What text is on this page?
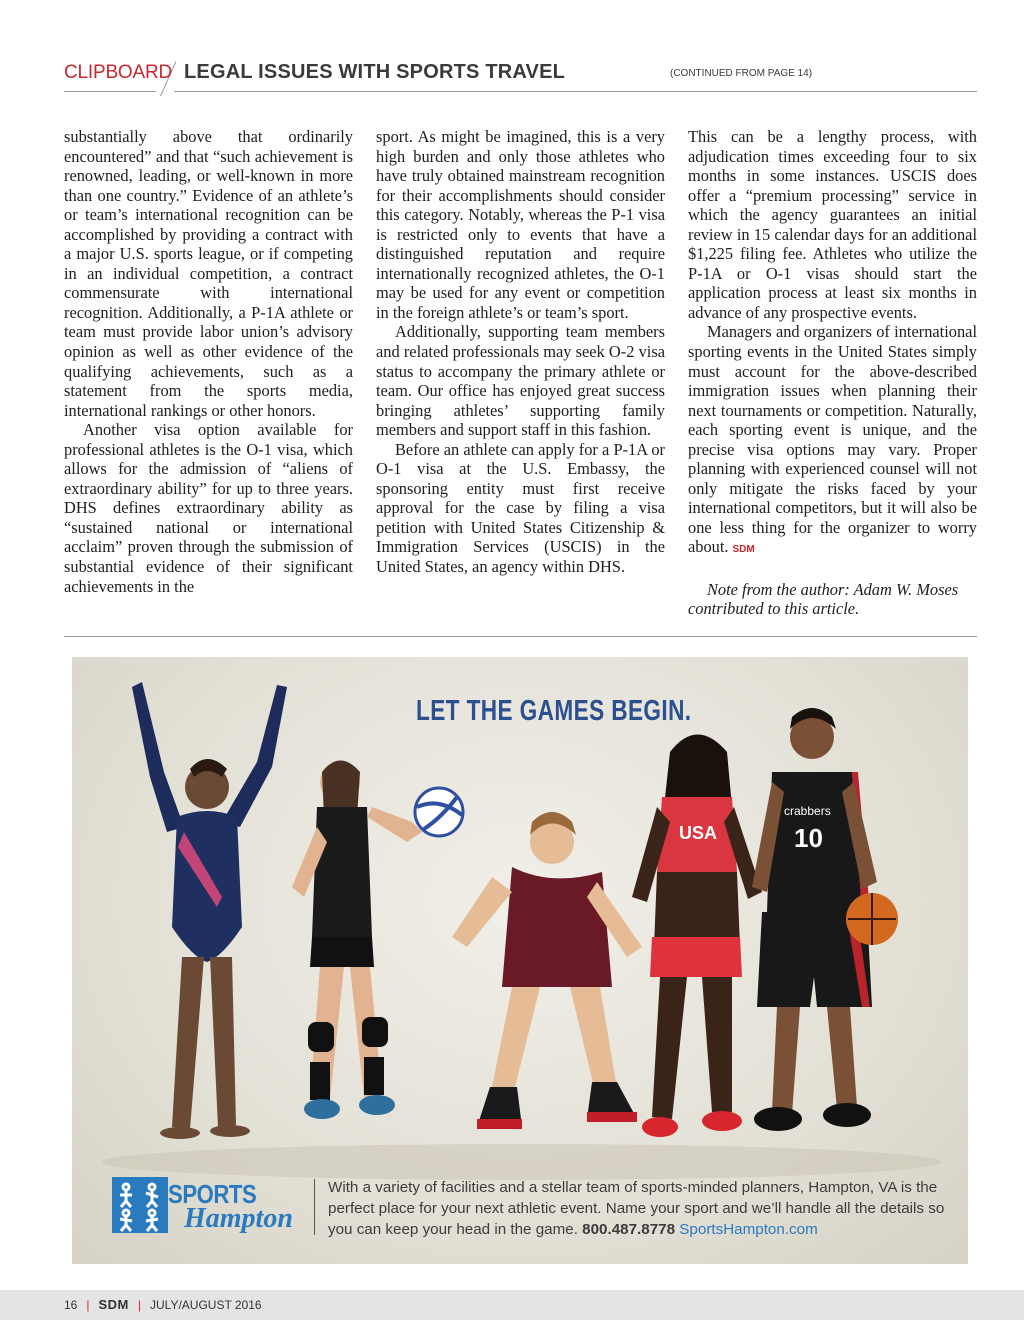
CLIPBOARD LEGAL ISSUES WITH SPORTS TRAVEL	(CONTINUED FROM PAGE 14)

substantially above that ordinarily encountered” and that “such achievement is renowned, leading, or well-known in more than one country.” Evidence of an athlete’s or team’s international recognition can be accomplished by providing a contract with a major U.S. sports league, or if competing in an individual competition, a contract commensurate with international recognition. Additionally, a P-1A athlete or team must provide labor union’s advisory opinion as well as other evidence of the qualifying achievements, such as a statement from the sports media, international rankings or other honors.

Another visa option available for professional athletes is the O-1 visa, which allows for the admission of “aliens of extraordinary ability” for up to three years. DHS defines extraordinary ability as “sustained national or international acclaim” proven through the submission of substantial evidence of their significant achievements in the

sport. As might be imagined, this is a very high burden and only those athletes who have truly obtained mainstream recognition for their accomplishments should consider this category. Notably, whereas the P-1 visa is restricted only to events that have a distinguished reputation and require internationally recognized athletes, the O-1 may be used for any event or competition in the foreign athlete’s or team’s sport.

Additionally, supporting team members and related professionals may seek O-2 visa status to accompany the primary athlete or team. Our office has enjoyed great success bringing athletes’ supporting family members and support staff in this fashion.

Before an athlete can apply for a P-1A or O-1 visa at the U.S. Embassy, the sponsoring entity must first receive approval for the case by filing a visa petition with United States Citizenship & Immigration Services (USCIS) in the United States, an agency within DHS.

This can be a lengthy process, with adjudication times exceeding four to six months in some instances. USCIS does offer a “premium processing” service in which the agency guarantees an initial review in 15 calendar days for an additional $1,225 filing fee. Athletes who utilize the P-1A or O-1 visas should start the application process at least six months in advance of any prospective events.

Managers and organizers of international sporting events in the United States simply must account for the above-described immigration issues when planning their next tournaments or competition. Naturally, each sporting event is unique, and the precise visa options may vary. Proper planning with experienced counsel will not only mitigate the risks faced by your international competitors, but it will also be one less thing for the organizer to worry about. SDM

Note from the author: Adam W. Moses contributed to this article.

LET THE GAMES BEGIN.
USA
crabbers
10
SPORTS
Hampton
With a variety of facilities and a stellar team of sports-minded planners, Hampton, VA is the perfect place for your next athletic event. Name your sport and we’ll handle all the details so you can keep your head in the game. 800.487.8778 SportsHampton.com
16 | SDM | JULY/AUGUST 2016
